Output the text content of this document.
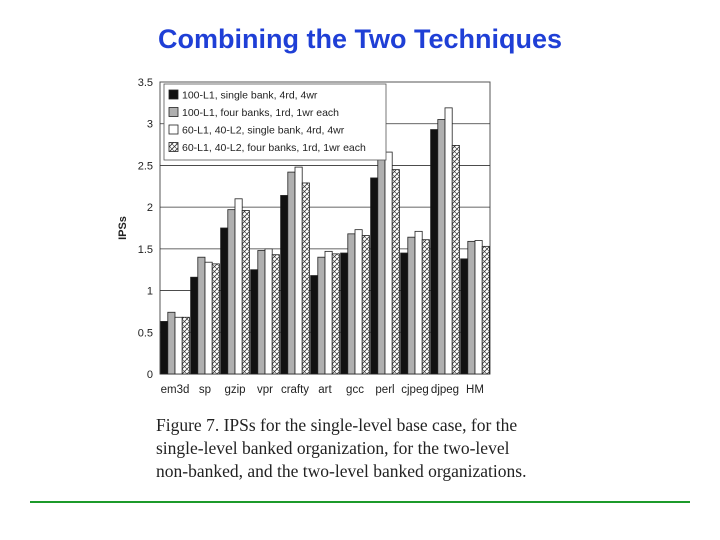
Combining the Two Techniques
0
0.5
1
1.5
2
2.5
3
3.5
IPSs
em3d sp gzip vpr crafty art gcc perl cjpeg djpeg HM
100-L1, single bank, 4rd, 4wr
100-L1, four banks, 1rd, 1wr each
60-L1, 40-L2, single bank, 4rd, 4wr
60-L1, 40-L2, four banks, 1rd, 1wr each

Figure 7. IPSs for the single-level base case, for the
single-level banked organization, for the two-level
non-banked, and the two-level banked organizations.
